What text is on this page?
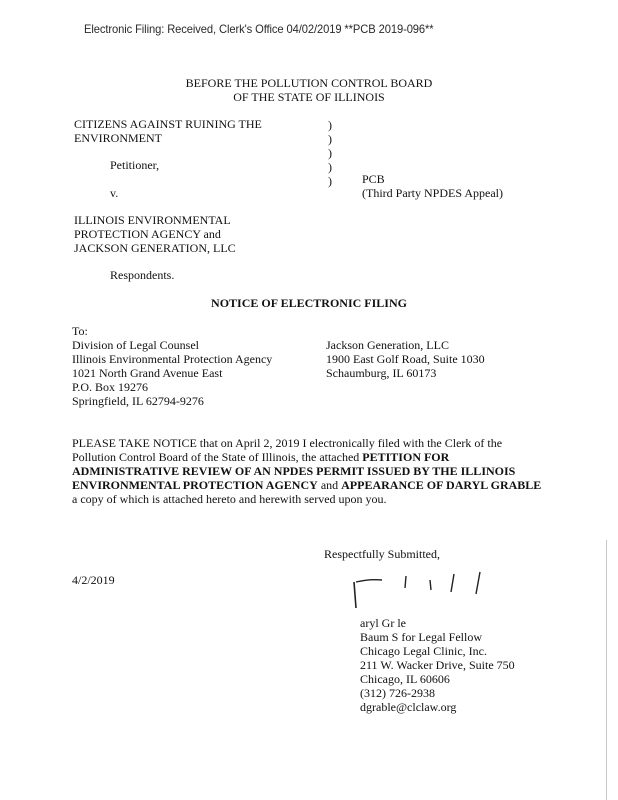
Electronic Filing: Received, Clerk's Office 04/02/2019 **PCB 2019-096**
BEFORE THE POLLUTION CONTROL BOARD
OF THE STATE OF ILLINOIS
CITIZENS AGAINST RUINING THE
ENVIRONMENT
Petitioner,
v.
)
)
)
)
)	PCB
(Third Party NPDES Appeal)
ILLINOIS ENVIRONMENTAL
PROTECTION AGENCY and
JACKSON GENERATION, LLC
Respondents.
NOTICE OF ELECTRONIC FILING
To:
Division of Legal Counsel
Illinois Environmental Protection Agency
1021 North Grand Avenue East
P.O. Box 19276
Springfield, IL 62794-9276
Jackson Generation, LLC
1900 East Golf Road, Suite 1030
Schaumburg, IL 60173
PLEASE TAKE NOTICE that on April 2, 2019 I electronically filed with the Clerk of the Pollution Control Board of the State of Illinois, the attached PETITION FOR ADMINISTRATIVE REVIEW OF AN NPDES PERMIT ISSUED BY THE ILLINOIS ENVIRONMENTAL PROTECTION AGENCY and APPEARANCE OF DARYL GRABLE a copy of which is attached hereto and herewith served upon you.
Respectfully Submitted,
4/2/2019
aryl Gr le
Baum S for Legal Fellow
Chicago Legal Clinic, Inc.
211 W. Wacker Drive, Suite 750
Chicago, IL 60606
(312) 726-2938
dgrable@clclaw.org
